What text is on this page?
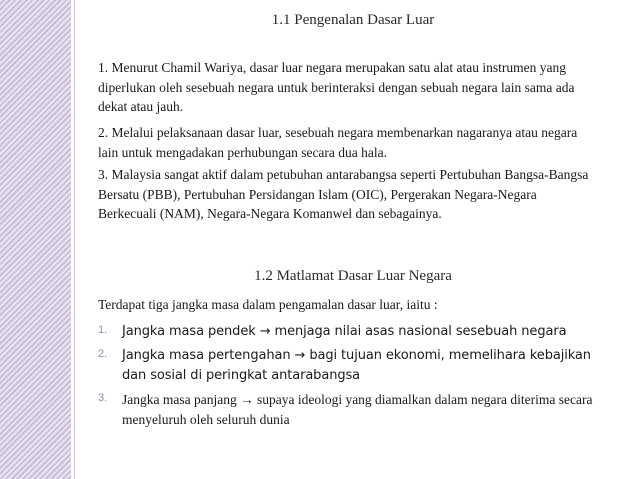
1.1 Pengenalan Dasar Luar
1. Menurut Chamil Wariya, dasar luar negara merupakan satu alat atau instrumen yang diperlukan oleh sesebuah negara untuk berinteraksi dengan sebuah negara lain sama ada dekat atau jauh.
2. Melalui pelaksanaan dasar luar, sesebuah negara membenarkan nagaranya atau negara lain untuk mengadakan perhubungan secara dua hala.
3. Malaysia sangat aktif dalam petubuhan antarabangsa seperti Pertubuhan Bangsa-Bangsa Bersatu (PBB), Pertubuhan Persidangan Islam (OIC), Pergerakan Negara-Negara Berkecuali (NAM), Negara-Negara Komanwel dan sebagainya.
1.2 Matlamat Dasar Luar Negara
Terdapat tiga jangka masa dalam pengamalan dasar luar, iaitu :
1. Jangka masa pendek → menjaga nilai asas nasional sesebuah negara
2. Jangka masa pertengahan → bagi tujuan ekonomi, memelihara kebajikan dan sosial di peringkat antarabangsa
3. Jangka masa panjang → supaya ideologi yang diamalkan dalam negara diterima secara menyeluruh oleh seluruh dunia
